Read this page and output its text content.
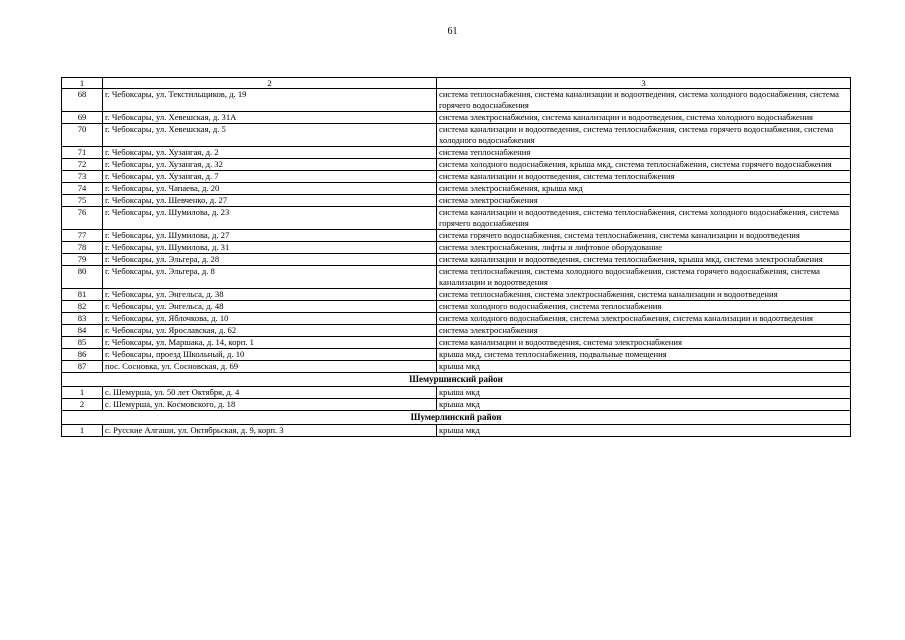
61
1	2	3
68	г. Чебоксары, ул. Текстильщиков, д. 19	система теплоснабжения, система канализации и водоотведения, система холодного водоснабжения, система горячего водоснабжения
69	г. Чебоксары, ул. Хевешская, д. 31А	система электроснабжения, система канализации и водоотведения, система холодного водоснабжения
70	г. Чебоксары, ул. Хевешская, д. 5	система канализации и водоотведения, система теплоснабжения, система горячего водоснабжения, система холодного водоснабжения
71	г. Чебоксары, ул. Хузангая, д. 2	система теплоснабжения
72	г. Чебоксары, ул. Хузангая, д. 32	система холодного водоснабжения, крыша мкд, система теплоснабжения, система горячего водоснабжения
73	г. Чебоксары, ул. Хузангая, д. 7	система канализации и водоотведения, система теплоснабжения
74	г. Чебоксары, ул. Чапаева, д. 20	система электроснабжения, крыша мкд
75	г. Чебоксары, ул. Шевченко, д. 27	система электроснабжения
76	г. Чебоксары, ул. Шумилова, д. 23	система канализации и водоотведения, система теплоснабжения, система холодного водоснабжения, система горячего водоснабжения
77	г. Чебоксары, ул. Шумилова, д. 27	система горячего водоснабжения, система теплоснабжения, система канализации и водоотведения
78	г. Чебоксары, ул. Шумилова, д. 31	система электроснабжения, лифты и лифтовое оборудование
79	г. Чебоксары, ул. Эльгера, д. 28	система канализации и водоотведения, система теплоснабжения, крыша мкд, система электроснабжения
80	г. Чебоксары, ул. Эльгера, д. 8	система теплоснабжения, система холодного водоснабжения, система горячего водоснабжения, система канализации и водоотведения
81	г. Чебоксары, ул. Энгельса, д. 38	система теплоснабжения, система электроснабжения, система канализации и водоотведения
82	г. Чебоксары, ул. Энгельса, д. 48	система холодного водоснабжения, система теплоснабжения
83	г. Чебоксары, ул. Яблочкова, д. 10	система холодного водоснабжения, система электроснабжения, система канализации и водоотведения
84	г. Чебоксары, ул. Ярославская, д. 62	система электроснабжения
85	г. Чебоксары, ул. Маршака, д. 14, корп. 1	система канализации и водоотведения, система электроснабжения
86	г. Чебоксары, проезд Школьный, д. 10	крыша мкд, система теплоснабжения, подвальные помещения
87	пос. Сосновка, ул. Сосновская, д. 69	крыша мкд
Шемуршинский район		
1	с. Шемурша, ул. 50 лет Октября, д. 4	крыша мкд
2	с. Шемурша, ул. Космовского, д. 18	крыша мкд
Шумерлинский район		
1	с. Русские Алгаши, ул. Октябрьская, д. 9, корп. 3	крыша мкд
